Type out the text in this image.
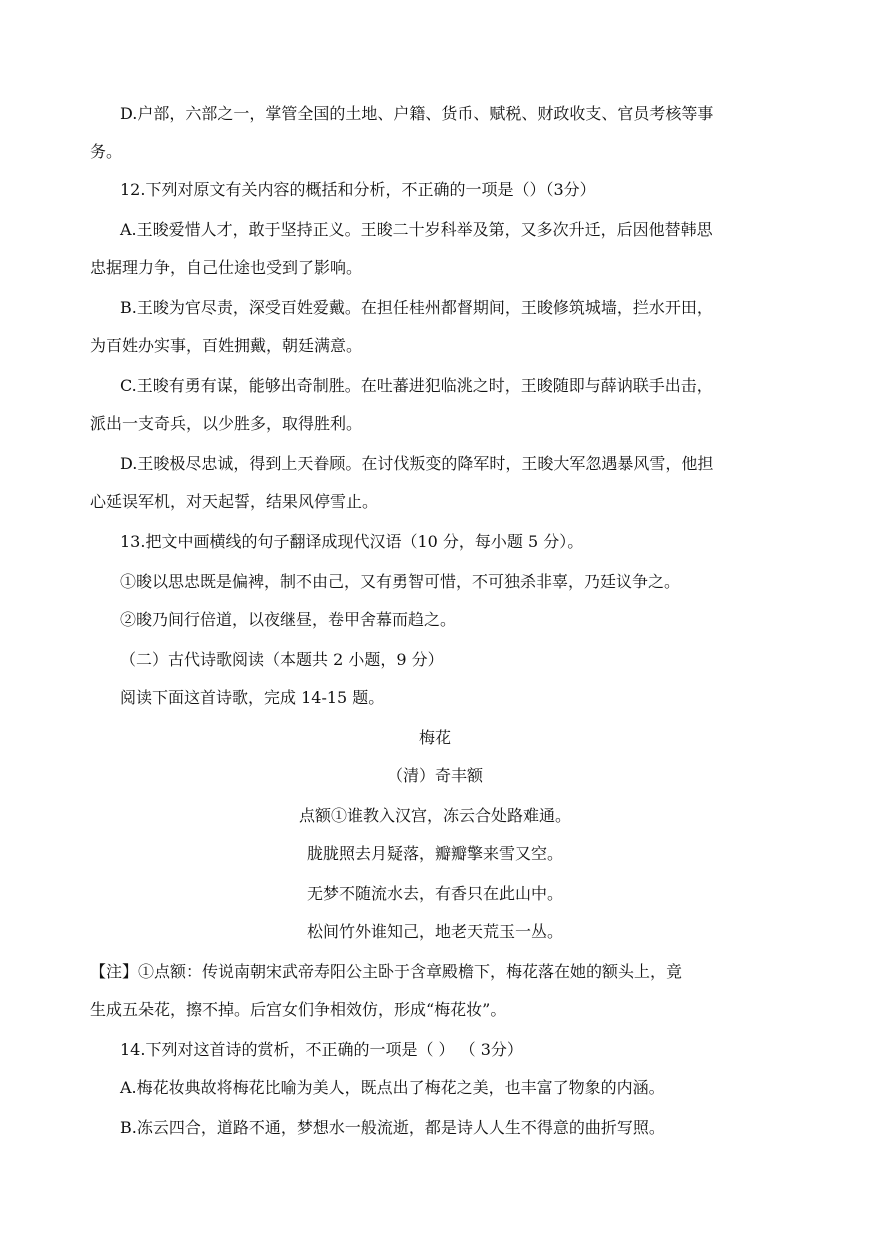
D.户部，六部之一，掌管全国的土地、户籍、货币、赋税、财政收支、官员考核等事
务。
12.下列对原文有关内容的概括和分析，不正确的一项是（）（3分）
A.王晙爱惜人才，敢于坚持正义。王晙二十岁科举及第，又多次升迁，后因他替韩思
忠据理力争，自己仕途也受到了影响。
B.王晙为官尽责，深受百姓爱戴。在担任桂州都督期间，王晙修筑城墙，拦水开田，
为百姓办实事，百姓拥戴，朝廷满意。
C.王晙有勇有谋，能够出奇制胜。在吐蕃进犯临洮之时，王晙随即与薛讷联手出击，
派出一支奇兵，以少胜多，取得胜利。
D.王晙极尽忠诚，得到上天眷顾。在讨伐叛变的降军时，王晙大军忽遇暴风雪，他担
心延误军机，对天起誓，结果风停雪止。
13.把文中画横线的句子翻译成现代汉语（10 分，每小题 5 分）。
①晙以思忠既是偏裨，制不由己，又有勇智可惜，不可独杀非辜，乃廷议争之。
②晙乃间行倍道，以夜继昼，卷甲舍幕而趋之。
（二）古代诗歌阅读（本题共 2 小题，9 分）
阅读下面这首诗歌，完成 14-15 题。
梅花
（清）奇丰额
点额①谁教入汉宫，冻云合处路难通。
胧胧照去月疑落，瓣瓣擎来雪又空。
无梦不随流水去，有香只在此山中。
松间竹外谁知己，地老天荒玉一丛。
【注】①点额：传说南朝宋武帝寿阳公主卧于含章殿檐下，梅花落在她的额头上，竟
生成五朵花，擦不掉。后宫女们争相效仿，形成“梅花妆”。
14.下列对这首诗的赏析，不正确的一项是（ ） （ 3分）
A.梅花妆典故将梅花比喻为美人，既点出了梅花之美，也丰富了物象的内涵。
B.冻云四合，道路不通，梦想水一般流逝，都是诗人人生不得意的曲折写照。
